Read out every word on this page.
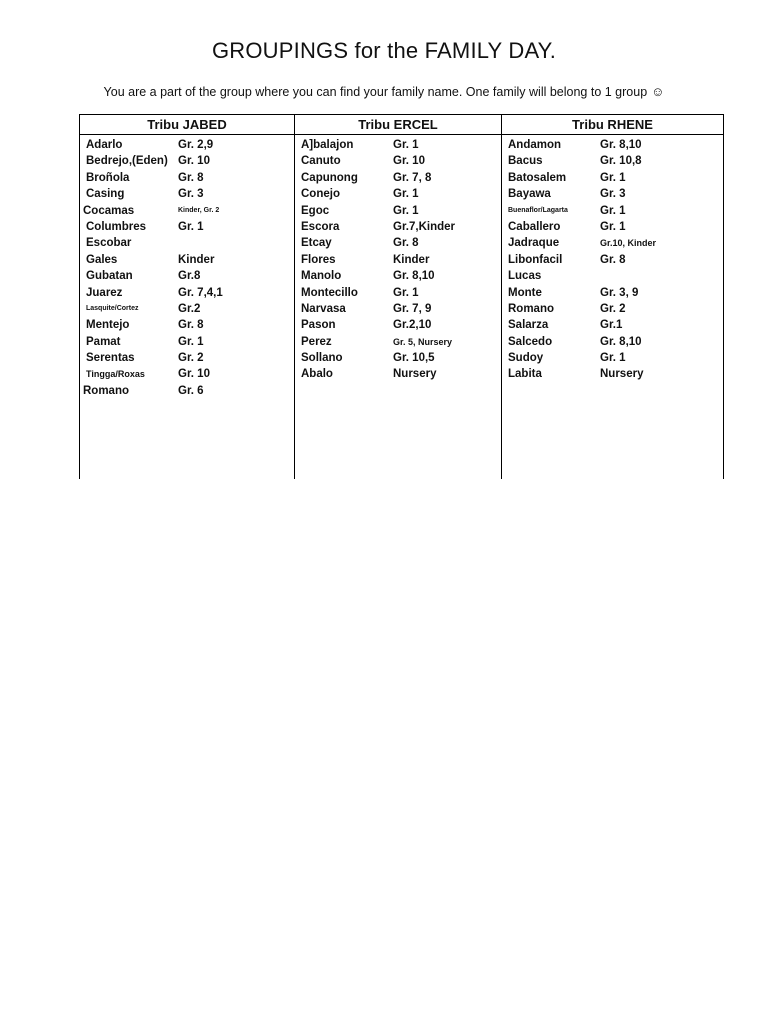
GROUPINGS for the FAMILY DAY.
You are a part of the group where you can find your family name. One family will belong to 1 group ☺
Tribu JABED
Adarlo	Gr. 2,9
Bedrejo,(Eden) Gr. 10
Broñola	Gr. 8
Casing	Gr. 3
Cocamas	Kinder, Gr. 2
Columbres	Gr. 1
Escobar
Gales	Kinder
Gubatan	Gr.8
Juarez	Gr. 7,4,1
Lasquite/Cortez	Gr.2
Mentejo	Gr. 8
Pamat	Gr. 1
Serentas	Gr. 2
Tingga/Roxas	Gr. 10
Romano	Gr. 6
Tribu ERCEL
A]balajon	Gr. 1
Canuto	Gr. 10
Capunong	Gr. 7, 8
Conejo	Gr. 1
Egoc	Gr. 1
Escora	Gr.7,Kinder
Etcay	Gr. 8
Flores	Kinder
Manolo	Gr. 8,10
Montecillo	Gr. 1
Narvasa	Gr. 7, 9
Pason	Gr.2,10
Perez	Gr. 5, Nursery
Sollano	Gr. 10,5
Abalo	Nursery
Tribu RHENE
Andamon	Gr. 8,10
Bacus	Gr. 10,8
Batosalem	Gr. 1
Bayawa	Gr. 3
Buenaflor/Lagarta	Gr. 1
Caballero	Gr. 1
Jadraque	Gr.10, Kinder
Libonfacil	Gr. 8
Lucas
Monte	Gr. 3, 9
Romano	Gr. 2
Salarza	Gr.1
Salcedo	Gr. 8,10
Sudoy	Gr. 1
Labita	Nursery
